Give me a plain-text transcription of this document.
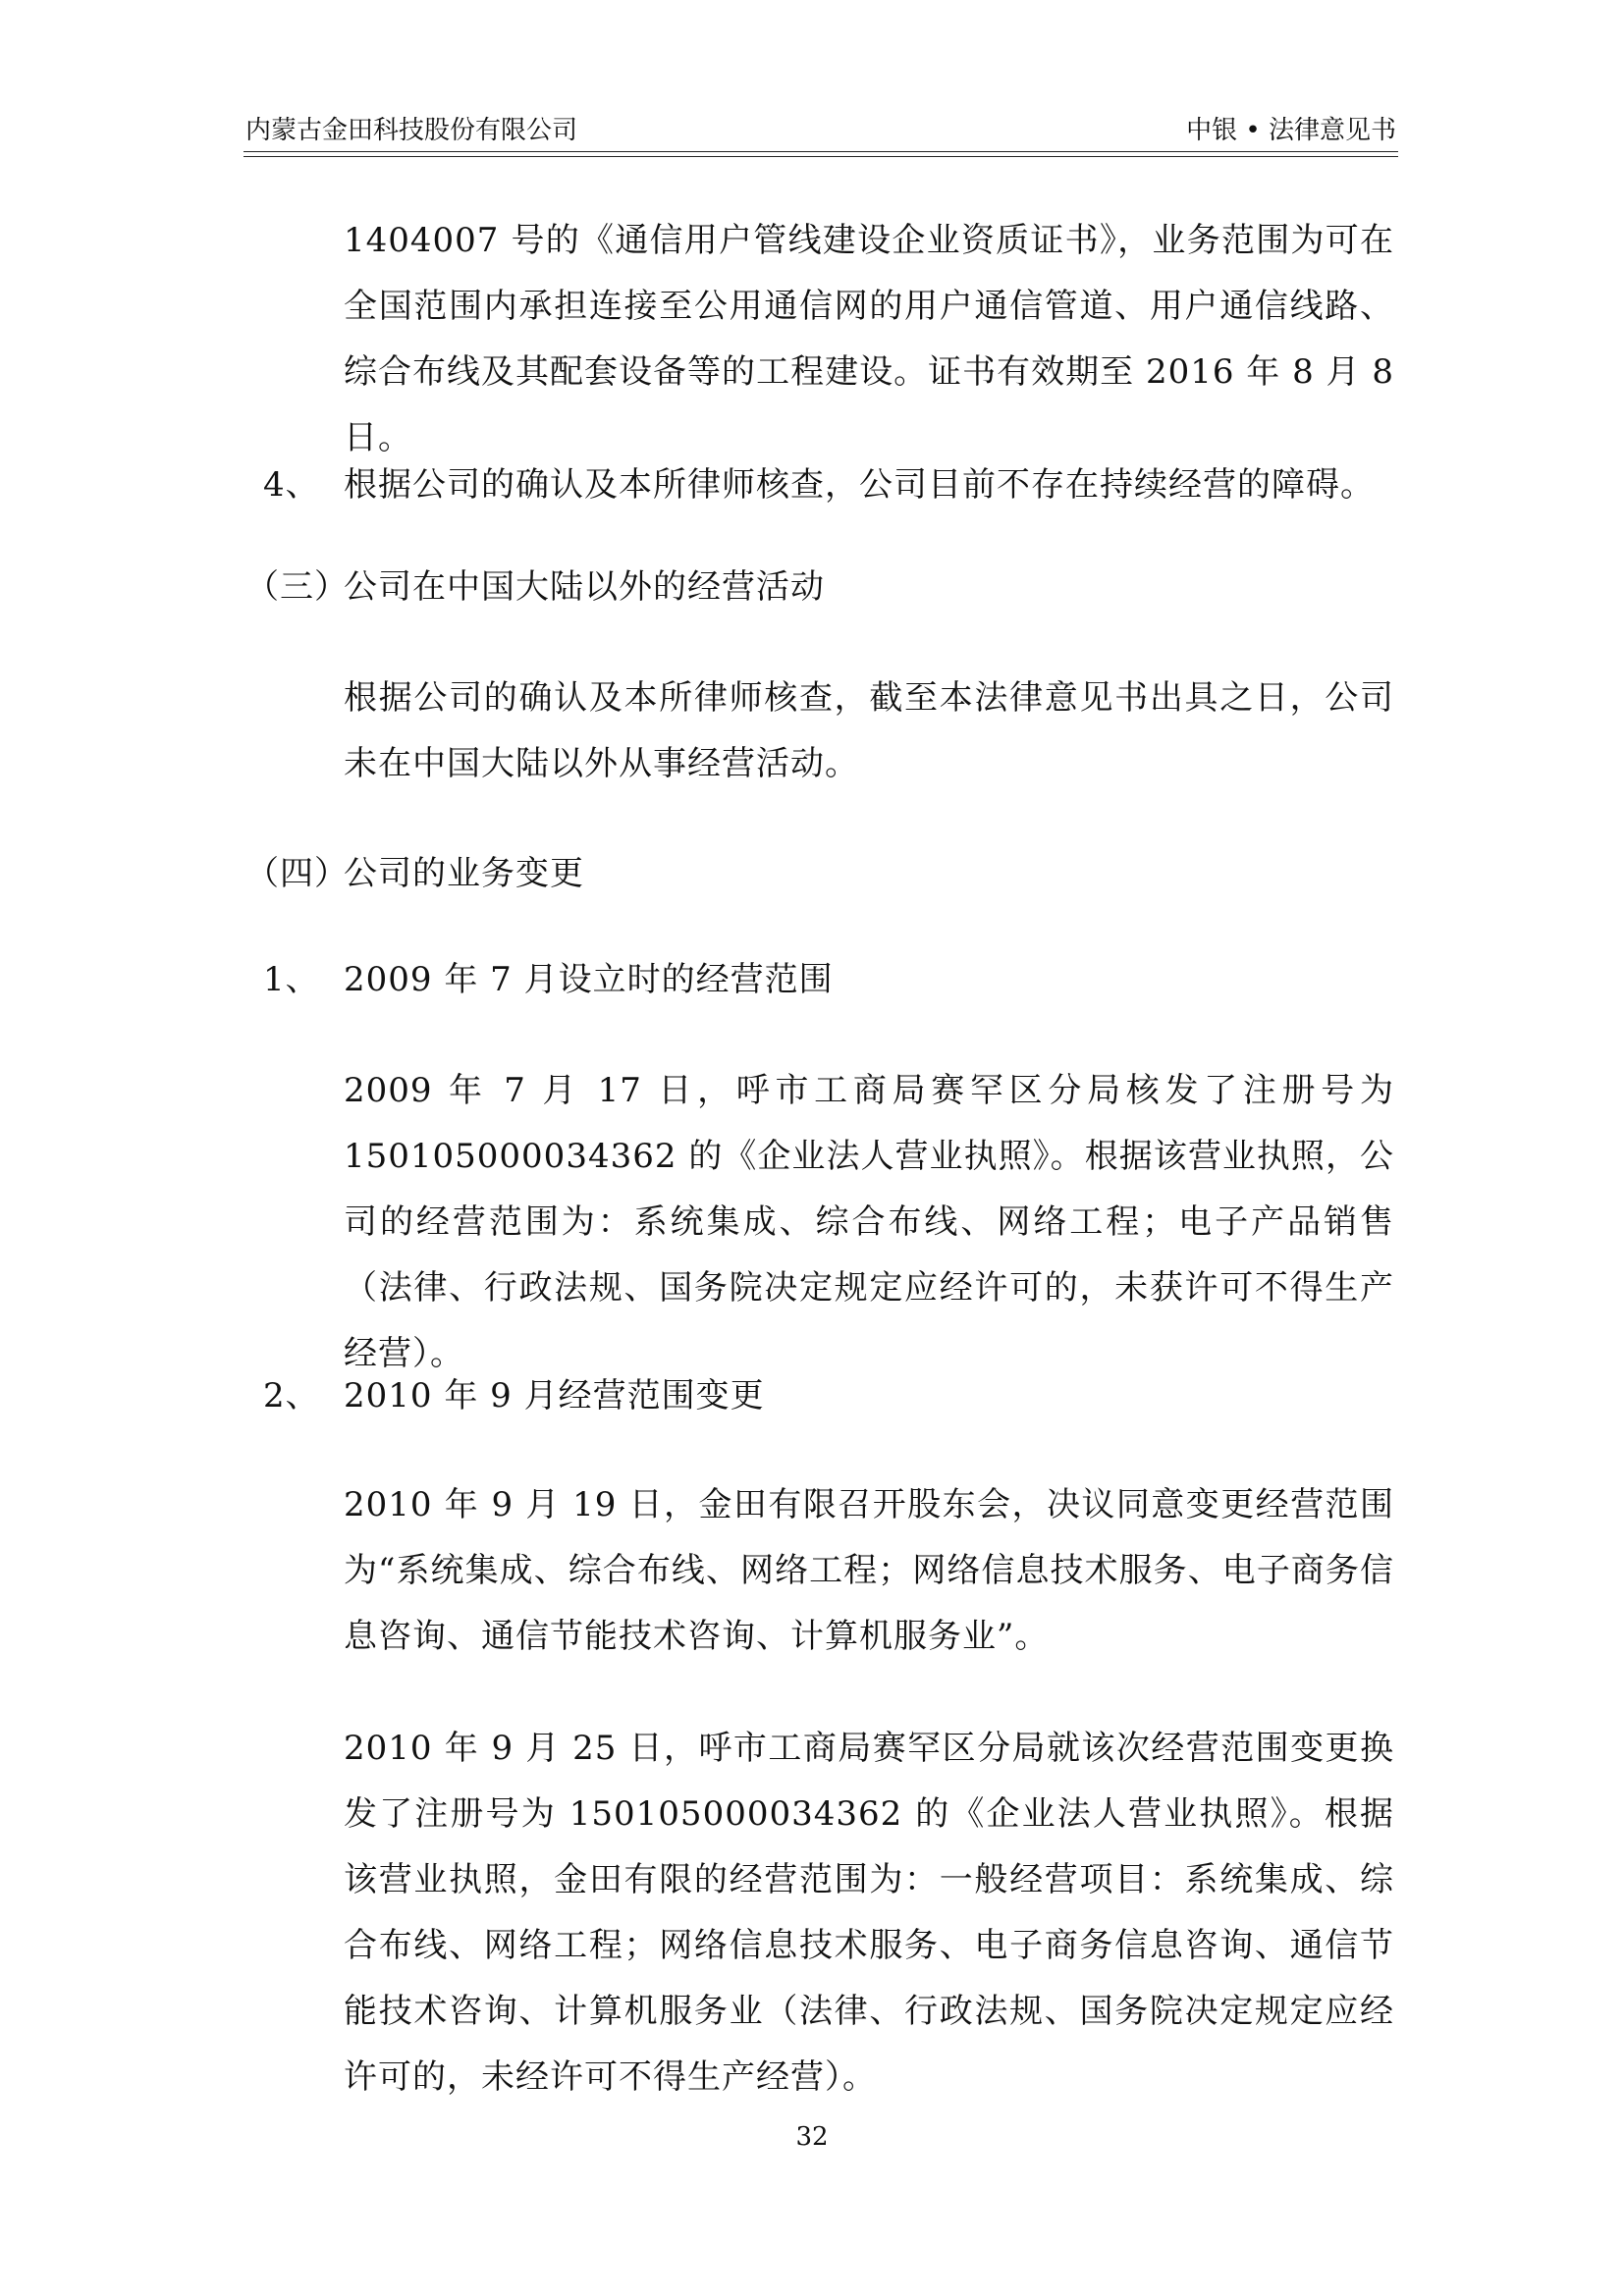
内蒙古金田科技股份有限公司	中银 • 法律意见书
1404007 号的《通信用户管线建设企业资质证书》，业务范围为可在全国范围内承担连接至公用通信网的用户通信管道、用户通信线路、综合布线及其配套设备等的工程建设。证书有效期至 2016 年 8 月 8 日。
4、 根据公司的确认及本所律师核查，公司目前不存在持续经营的障碍。
（三）
公司在中国大陆以外的经营活动
根据公司的确认及本所律师核查，截至本法律意见书出具之日，公司未在中国大陆以外从事经营活动。
（四）
公司的业务变更
1、 2009 年 7 月设立时的经营范围
2009 年 7 月 17 日，呼市工商局赛罕区分局核发了注册号为150105000034362 的《企业法人营业执照》。根据该营业执照，公司的经营范围为：系统集成、综合布线、网络工程；电子产品销售（法律、行政法规、国务院决定规定应经许可的，未获许可不得生产经营）。
2、 2010 年 9 月经营范围变更
2010 年 9 月 19 日，金田有限召开股东会，决议同意变更经营范围为“系统集成、综合布线、网络工程；网络信息技术服务、电子商务信息咨询、通信节能技术咨询、计算机服务业”。
2010 年 9 月 25 日，呼市工商局赛罕区分局就该次经营范围变更换发了注册号为 150105000034362 的《企业法人营业执照》。根据该营业执照，金田有限的经营范围为：一般经营项目：系统集成、综合布线、网络工程；网络信息技术服务、电子商务信息咨询、通信节能技术咨询、计算机服务业（法律、行政法规、国务院决定规定应经许可的，未经许可不得生产经营）。
32
